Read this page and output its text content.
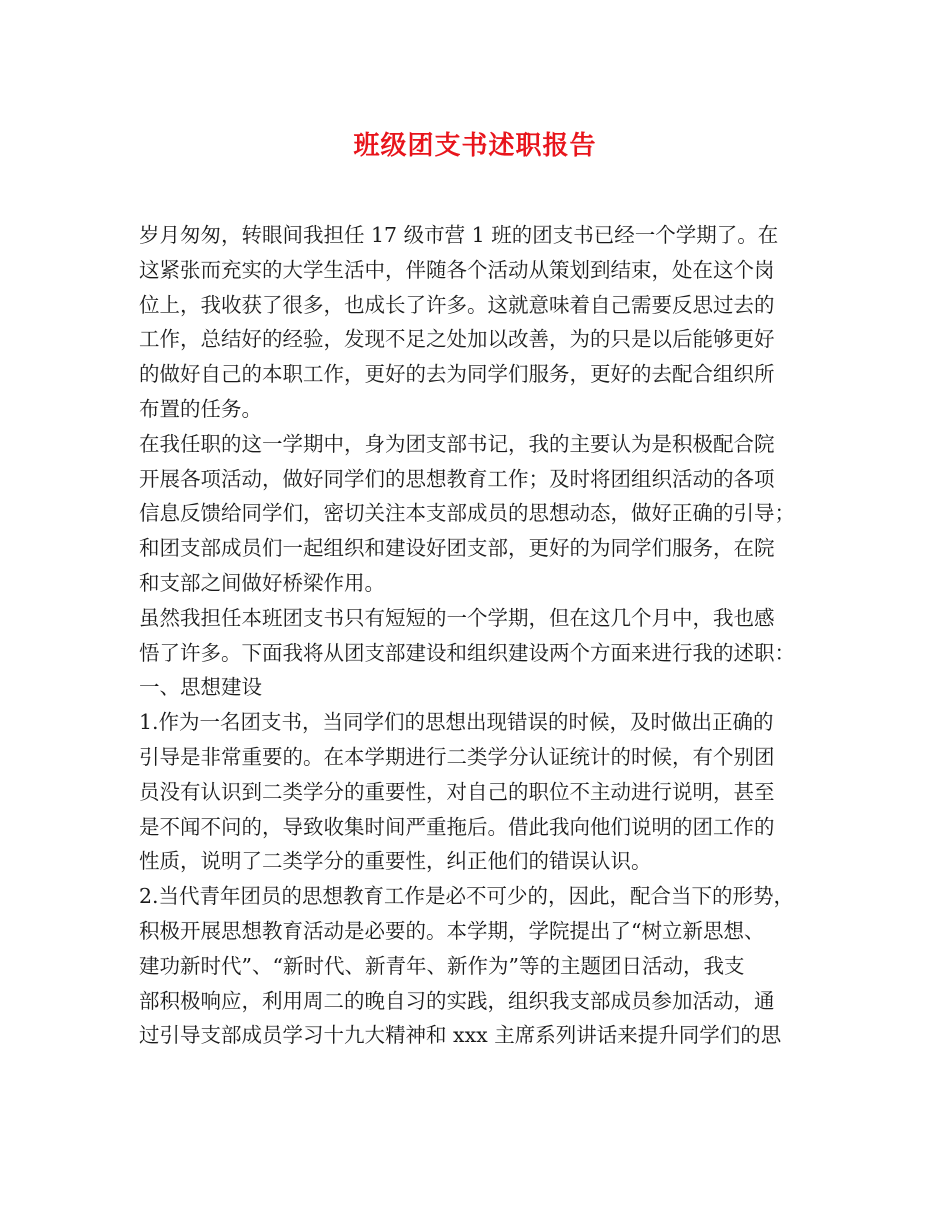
班级团支书述职报告
岁月匆匆，转眼间我担任 17 级市营 1 班的团支书已经一个学期了。在
这紧张而充实的大学生活中，伴随各个活动从策划到结束，处在这个岗
位上，我收获了很多，也成长了许多。这就意味着自己需要反思过去的
工作，总结好的经验，发现不足之处加以改善，为的只是以后能够更好
的做好自己的本职工作，更好的去为同学们服务，更好的去配合组织所
布置的任务。
在我任职的这一学期中，身为团支部书记，我的主要认为是积极配合院
开展各项活动，做好同学们的思想教育工作；及时将团组织活动的各项
信息反馈给同学们，密切关注本支部成员的思想动态，做好正确的引导；
和团支部成员们一起组织和建设好团支部，更好的为同学们服务，在院
和支部之间做好桥梁作用。
虽然我担任本班团支书只有短短的一个学期，但在这几个月中，我也感
悟了许多。下面我将从团支部建设和组织建设两个方面来进行我的述职：
一、思想建设
1.作为一名团支书，当同学们的思想出现错误的时候，及时做出正确的
引导是非常重要的。在本学期进行二类学分认证统计的时候，有个别团
员没有认识到二类学分的重要性，对自己的职位不主动进行说明，甚至
是不闻不问的，导致收集时间严重拖后。借此我向他们说明的团工作的
性质，说明了二类学分的重要性，纠正他们的错误认识。
2.当代青年团员的思想教育工作是必不可少的，因此，配合当下的形势，
积极开展思想教育活动是必要的。本学期，学院提出了“树立新思想、
建功新时代”、“新时代、新青年、新作为”等的主题团日活动，我支
部积极响应，利用周二的晚自习的实践，组织我支部成员参加活动，通
过引导支部成员学习十九大精神和 xxx 主席系列讲话来提升同学们的思
